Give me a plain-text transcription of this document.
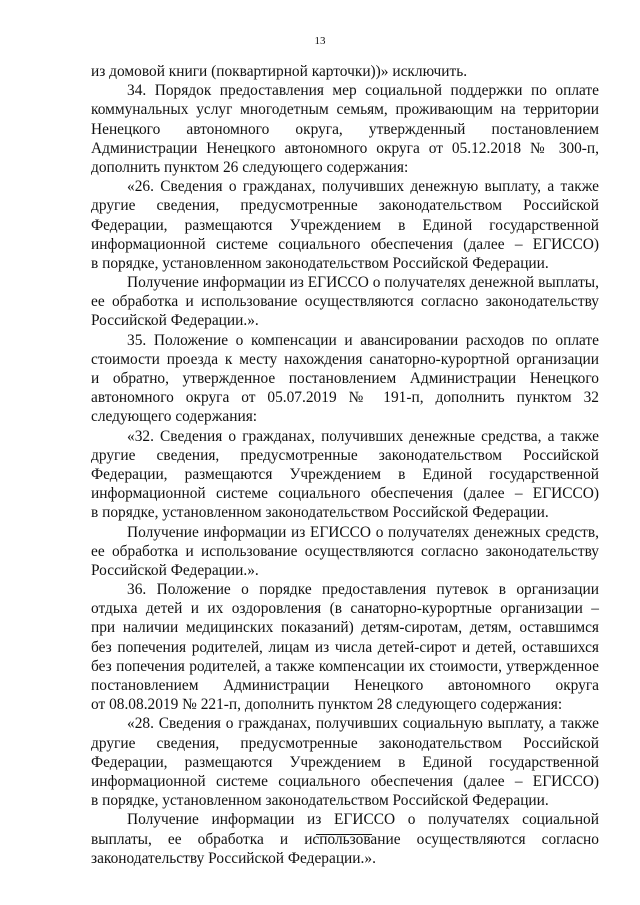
13
из домовой книги (поквартирной карточки))» исключить.
34. Порядок предоставления мер социальной поддержки по оплате
коммунальных услуг многодетным семьям, проживающим на территории
Ненецкого автономного округа, утвержденный постановлением
Администрации Ненецкого автономного округа от 05.12.2018 № 300-п,
дополнить пунктом 26 следующего содержания:
«26. Сведения о гражданах, получивших денежную выплату, а также
другие сведения, предусмотренные законодательством Российской
Федерации, размещаются Учреждением в Единой государственной
информационной системе социального обеспечения (далее – ЕГИССО)
в порядке, установленном законодательством Российской Федерации.
Получение информации из ЕГИССО о получателях денежной выплаты,
ее обработка и использование осуществляются согласно законодательству
Российской Федерации.».
35. Положение о компенсации и авансировании расходов по оплате
стоимости проезда к месту нахождения санаторно-курортной организации
и обратно, утвержденное постановлением Администрации Ненецкого
автономного округа от 05.07.2019 № 191-п, дополнить пунктом 32
следующего содержания:
«32. Сведения о гражданах, получивших денежные средства, а также
другие сведения, предусмотренные законодательством Российской
Федерации, размещаются Учреждением в Единой государственной
информационной системе социального обеспечения (далее – ЕГИССО)
в порядке, установленном законодательством Российской Федерации.
Получение информации из ЕГИССО о получателях денежных средств,
ее обработка и использование осуществляются согласно законодательству
Российской Федерации.».
36. Положение о порядке предоставления путевок в организации
отдыха детей и их оздоровления (в санаторно-курортные организации –
при наличии медицинских показаний) детям-сиротам, детям, оставшимся
без попечения родителей, лицам из числа детей-сирот и детей, оставшихся
без попечения родителей, а также компенсации их стоимости, утвержденное
постановлением Администрации Ненецкого автономного округа
от 08.08.2019 № 221-п, дополнить пунктом 28 следующего содержания:
«28. Сведения о гражданах, получивших социальную выплату, а также
другие сведения, предусмотренные законодательством Российской
Федерации, размещаются Учреждением в Единой государственной
информационной системе социального обеспечения (далее – ЕГИССО)
в порядке, установленном законодательством Российской Федерации.
Получение информации из ЕГИССО о получателях социальной
выплаты, ее обработка и использование осуществляются согласно
законодательству Российской Федерации.».
